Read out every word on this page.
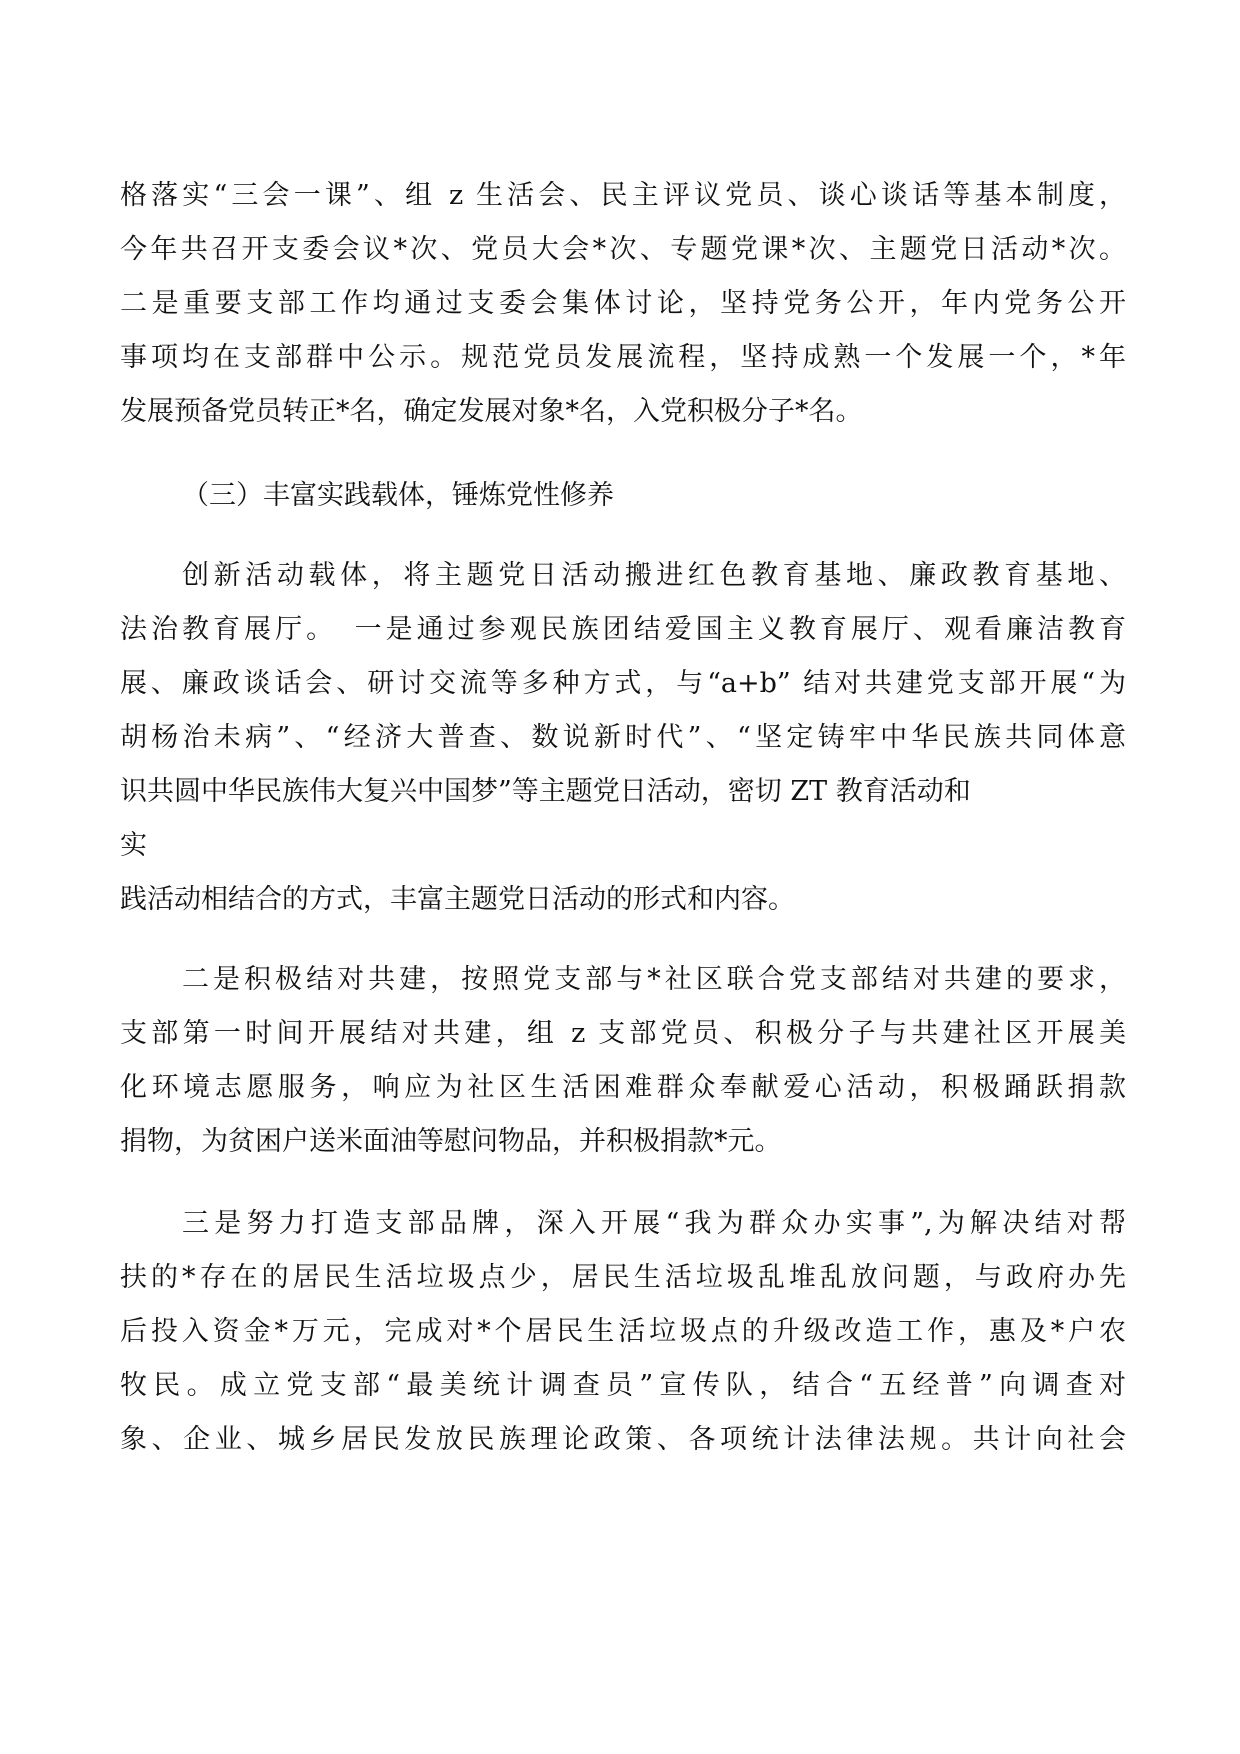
格落实“三会一课”、组 z 生活会、民主评议党员、谈心谈话等基本制度，
今年共召开支委会议*次、党员大会*次、专题党课*次、主题党日活动*次。
二是重要支部工作均通过支委会集体讨论，坚持党务公开，年内党务公开
事项均在支部群中公示。规范党员发展流程，坚持成熟一个发展一个，*年
发展预备党员转正*名，确定发展对象*名，入党积极分子*名。
（三）丰富实践载体，锤炼党性修养
创新活动载体，将主题党日活动搬进红色教育基地、廉政教育基地、
法治教育展厅。　一是通过参观民族团结爱国主义教育展厅、观看廉洁教育
展、廉政谈话会、研讨交流等多种方式，与“a+b” 结对共建党支部开展“为
胡杨治未病”、“经济大普查、数说新时代”、“坚定铸牢中华民族共同体意
识共圆中华民族伟大复兴中国梦”等主题党日活动，密切 ZT 教育活动和
实
践活动相结合的方式，丰富主题党日活动的形式和内容。
二是积极结对共建，按照党支部与*社区联合党支部结对共建的要求，
支部第一时间开展结对共建，组 z 支部党员、积极分子与共建社区开展美
化环境志愿服务，响应为社区生活困难群众奉献爱心活动，积极踊跃捐款
捐物，为贫困户送米面油等慰问物品，并积极捐款*元。
三是努力打造支部品牌，深入开展“我为群众办实事”,为解决结对帮
扶的*存在的居民生活垃圾点少，居民生活垃圾乱堆乱放问题，与政府办先
后投入资金*万元，完成对*个居民生活垃圾点的升级改造工作，惠及*户农
牧民。成立党支部“最美统计调查员”宣传队，结合“五经普”向调查对
象、企业、城乡居民发放民族理论政策、各项统计法律法规。共计向社会
